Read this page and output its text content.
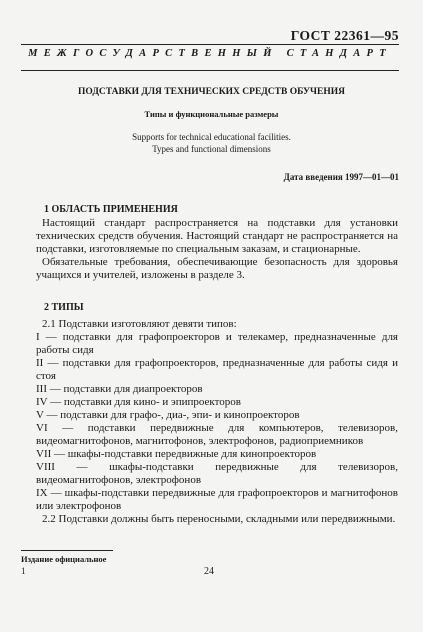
ГОСТ 22361—95
МЕЖГОСУДАРСТВЕННЫЙ СТАНДАРТ
ПОДСТАВКИ ДЛЯ ТЕХНИЧЕСКИХ СРЕДСТВ ОБУЧЕНИЯ
Типы и функциональные размеры
Supports for technical educational facilities.
Types and functional dimensions
Дата введения 1997—01—01
1 ОБЛАСТЬ ПРИМЕНЕНИЯ

Настоящий стандарт распространяется на подставки для установки технических средств обучения. Настоящий стандарт не распространяется на подставки, изготовляемые по специальным заказам, и стационарные.

Обязательные требования, обеспечивающие безопасность для здоровья учащихся и учителей, изложены в разделе 3.

2 ТИПЫ

2.1 Подставки изготовляют девяти типов:

I — подставки для графопроекторов и телекамер, предназначенные для работы сидя

II — подставки для графопроекторов, предназначенные для работы сидя и стоя

III — подставки для диапроекторов

IV — подставки для кино- и эпипроекторов

V — подставки для графо-, диа-, эпи- и кинопроекторов

VI — подставки передвижные для компьютеров, телевизоров, видеомагнитофонов, магнитофонов, электрофонов, радиоприемников

VII — шкафы-подставки передвижные для кинопроекторов

VIII — шкафы-подставки передвижные для телевизоров, видеомагнитофонов, электрофонов

IX — шкафы-подставки передвижные для графопроекторов и магнитофонов или электрофонов

2.2 Подставки должны быть переносными, складными или передвижными.

Издание официальное
1	24
